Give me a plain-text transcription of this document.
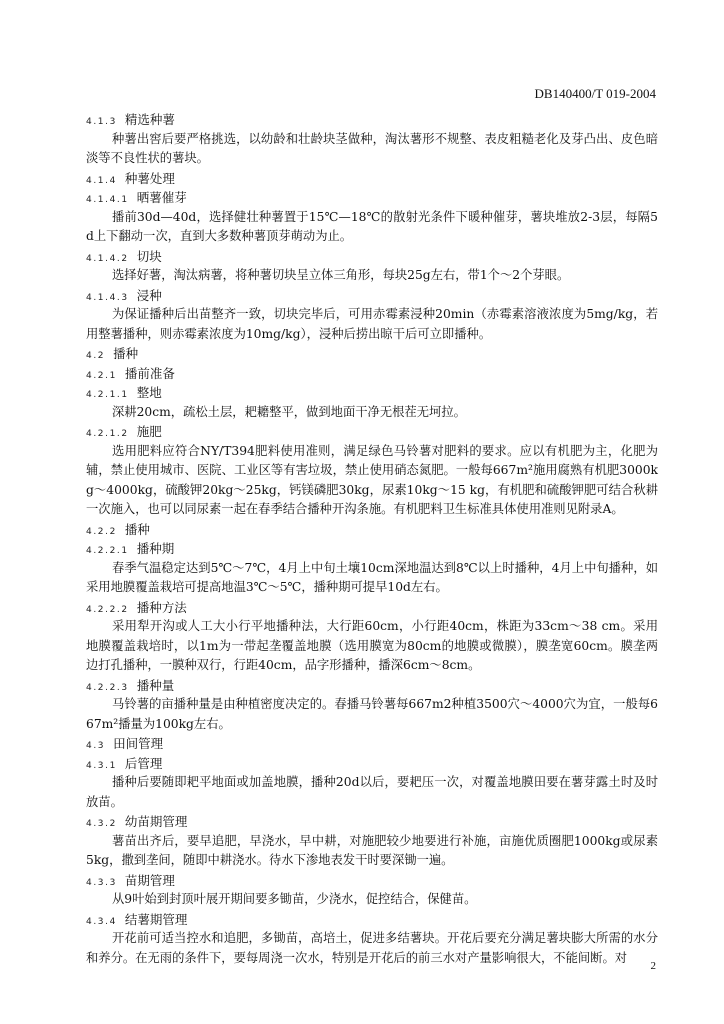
DB140400/T 019-2004
4.1.3 精选种薯

种薯出窖后要严格挑选，以幼龄和壮龄块茎做种，淘汰薯形不规整、表皮粗糙老化及芽凸出、皮色暗淡等不良性状的薯块。

4.1.4 种薯处理
4.1.4.1 晒薯催芽

播前30d—40d，选择健壮种薯置于15℃—18℃的散射光条件下暖种催芽，薯块堆放2-3层，每隔5d上下翻动一次，直到大多数种薯顶芽萌动为止。

4.1.4.2 切块

选择好薯，淘汰病薯，将种薯切块呈立体三角形，每块25g左右，带1个～2个芽眼。

4.1.4.3 浸种

为保证播种后出苗整齐一致，切块完毕后，可用赤霉素浸种20min（赤霉素溶液浓度为5mg/kg，若用整薯播种，则赤霉素浓度为10mg/kg），浸种后捞出晾干后可立即播种。

4.2 播种
4.2.1 播前准备
4.2.1.1 整地

深耕20cm，疏松土层，耙耱整平，做到地面干净无根茬无坷拉。

4.2.1.2 施肥

选用肥料应符合NY/T394肥料使用准则，满足绿色马铃薯对肥料的要求。应以有机肥为主，化肥为辅，禁止使用城市、医院、工业区等有害垃圾，禁止使用硝态氮肥。一般每667m²施用腐熟有机肥3000kg～4000kg，硫酸钾20kg～25kg，钙镁磷肥30kg，尿素10kg～15 kg，有机肥和硫酸钾肥可结合秋耕一次施入，也可以同尿素一起在春季结合播种开沟条施。有机肥料卫生标准具体使用准则见附录A。

4.2.2 播种
4.2.2.1 播种期

春季气温稳定达到5℃～7℃，4月上中旬土壤10cm深地温达到8℃以上时播种，4月上中旬播种，如采用地膜覆盖栽培可提高地温3℃～5℃，播种期可提早10d左右。

4.2.2.2 播种方法

采用犁开沟或人工大小行平地播种法，大行距60cm，小行距40cm，株距为33cm～38 cm。采用地膜覆盖栽培时，以1m为一带起垄覆盖地膜（选用膜宽为80cm的地膜或微膜），膜垄宽60cm。膜垄两边打孔播种，一膜种双行，行距40cm，品字形播种，播深6cm～8cm。

4.2.2.3 播种量

马铃薯的亩播种量是由种植密度决定的。春播马铃薯每667m2种植3500穴～4000穴为宜，一般每667m²播量为100kg左右。

4.3 田间管理
4.3.1 后管理

播种后要随即耙平地面或加盖地膜，播种20d以后，要耙压一次，对覆盖地膜田要在薯芽露土时及时放苗。

4.3.2 幼苗期管理

薯苗出齐后，要早追肥，早浇水，早中耕，对施肥较少地要进行补施，亩施优质圈肥1000kg或尿素5kg，撒到垄间，随即中耕浇水。待水下渗地表发干时要深锄一遍。

4.3.3 苗期管理

从9叶始到封顶叶展开期间要多锄苗，少浇水，促控结合，保健苗。

4.3.4 结薯期管理

开花前可适当控水和追肥，多锄苗，高培土，促进多结薯块。开花后要充分满足薯块膨大所需的水分和养分。在无雨的条件下，要每周浇一次水，特别是开花后的前三水对产量影响很大，不能间断。对

2
